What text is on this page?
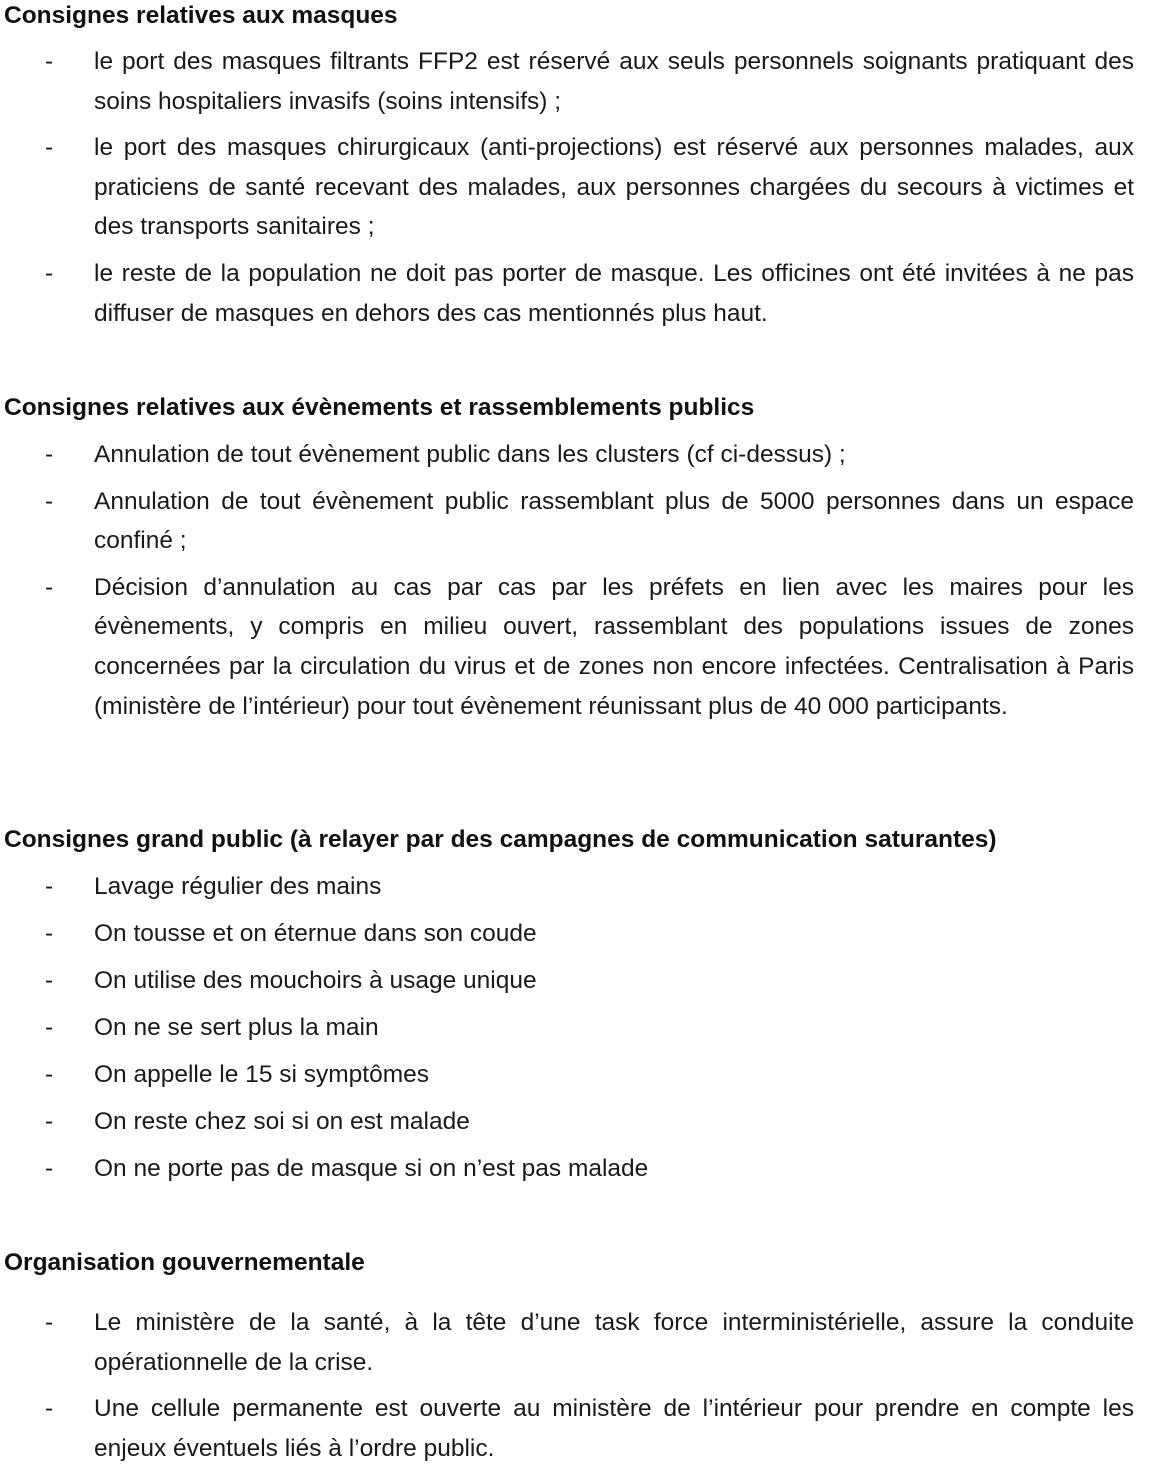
Consignes relatives aux masques
- le port des masques filtrants FFP2 est réservé aux seuls personnels soignants pratiquant des soins hospitaliers invasifs (soins intensifs) ;
- le port des masques chirurgicaux (anti-projections) est réservé aux personnes malades, aux praticiens de santé recevant des malades, aux personnes chargées du secours à victimes et des transports sanitaires ;
- le reste de la population ne doit pas porter de masque. Les officines ont été invitées à ne pas diffuser de masques en dehors des cas mentionnés plus haut.
Consignes relatives aux évènements et rassemblements publics
- Annulation de tout évènement public dans les clusters (cf ci-dessus) ;
- Annulation de tout évènement public rassemblant plus de 5000 personnes dans un espace confiné ;
- Décision d’annulation au cas par cas par les préfets en lien avec les maires pour les évènements, y compris en milieu ouvert, rassemblant des populations issues de zones concernées par la circulation du virus et de zones non encore infectées. Centralisation à Paris (ministère de l’intérieur) pour tout évènement réunissant plus de 40 000 participants.
Consignes grand public (à relayer par des campagnes de communication saturantes)
- Lavage régulier des mains
- On tousse et on éternue dans son coude
- On utilise des mouchoirs à usage unique
- On ne se sert plus la main
- On appelle le 15 si symptômes
- On reste chez soi si on est malade
- On ne porte pas de masque si on n’est pas malade
Organisation gouvernementale
- Le ministère de la santé, à la tête d’une task force interministérielle, assure la conduite opérationnelle de la crise.
- Une cellule permanente est ouverte au ministère de l’intérieur pour prendre en compte les enjeux éventuels liés à l’ordre public.
